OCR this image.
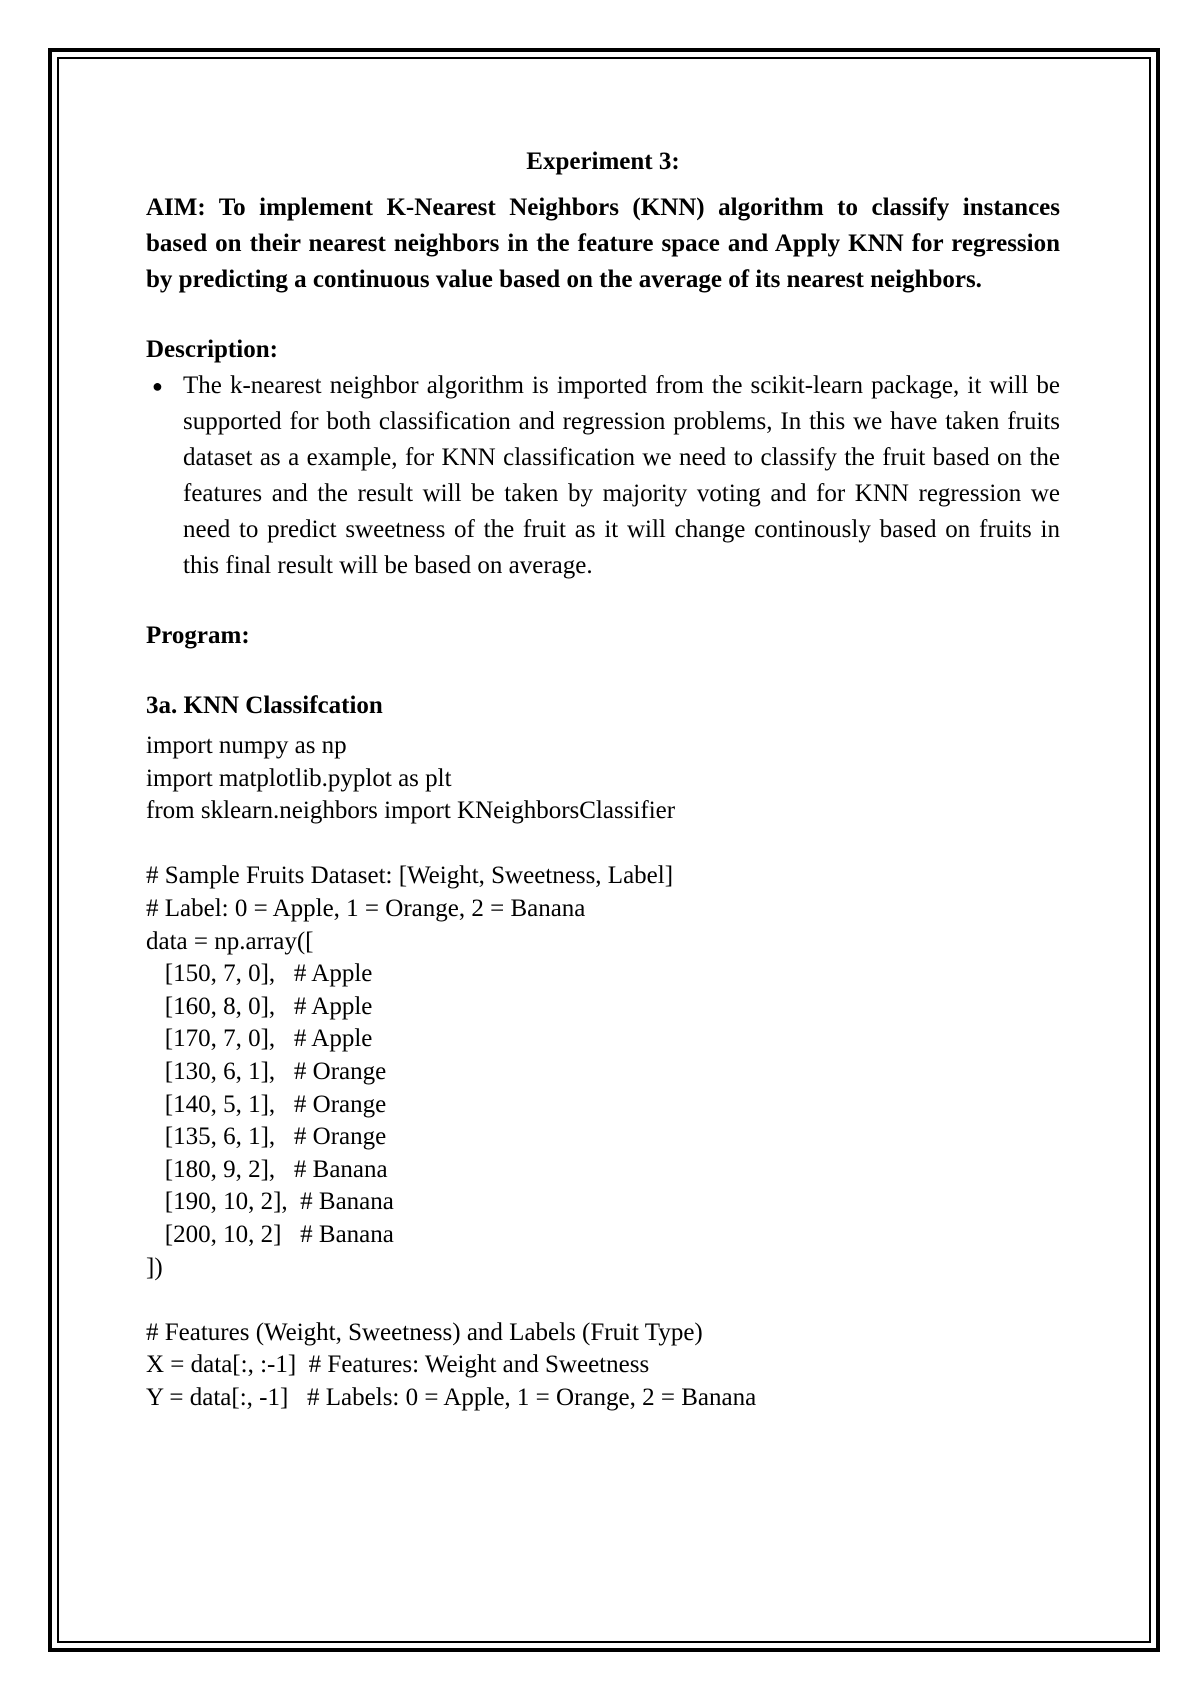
Experiment 3:

AIM: To implement K-Nearest Neighbors (KNN) algorithm to classify instances based on their nearest neighbors in the feature space and Apply KNN for regression by predicting a continuous value based on the average of its nearest neighbors.

Description:

● The k-nearest neighbor algorithm is imported from the scikit-learn package, it will be supported for both classification and regression problems, In this we have taken fruits dataset as a example, for KNN classification we need to classify the fruit based on the features and the result will be taken by majority voting and for KNN regression we need to predict sweetness of the fruit as it will change continously based on fruits in this final result will be based on average.

Program:

3a. KNN Classifcation

import numpy as np
import matplotlib.pyplot as plt
from sklearn.neighbors import KNeighborsClassifier
# Sample Fruits Dataset: [Weight, Sweetness, Label]
# Label: 0 = Apple, 1 = Orange, 2 = Banana
data = np.array([
[150, 7, 0],   # Apple
[160, 8, 0],   # Apple
[170, 7, 0],   # Apple
[130, 6, 1],   # Orange
[140, 5, 1],   # Orange
[135, 6, 1],   # Orange
[180, 9, 2],   # Banana
[190, 10, 2],  # Banana
[200, 10, 2]   # Banana
])
# Features (Weight, Sweetness) and Labels (Fruit Type)
X = data[:, :-1]  # Features: Weight and Sweetness
Y = data[:, -1]   # Labels: 0 = Apple, 1 = Orange, 2 = Banana
